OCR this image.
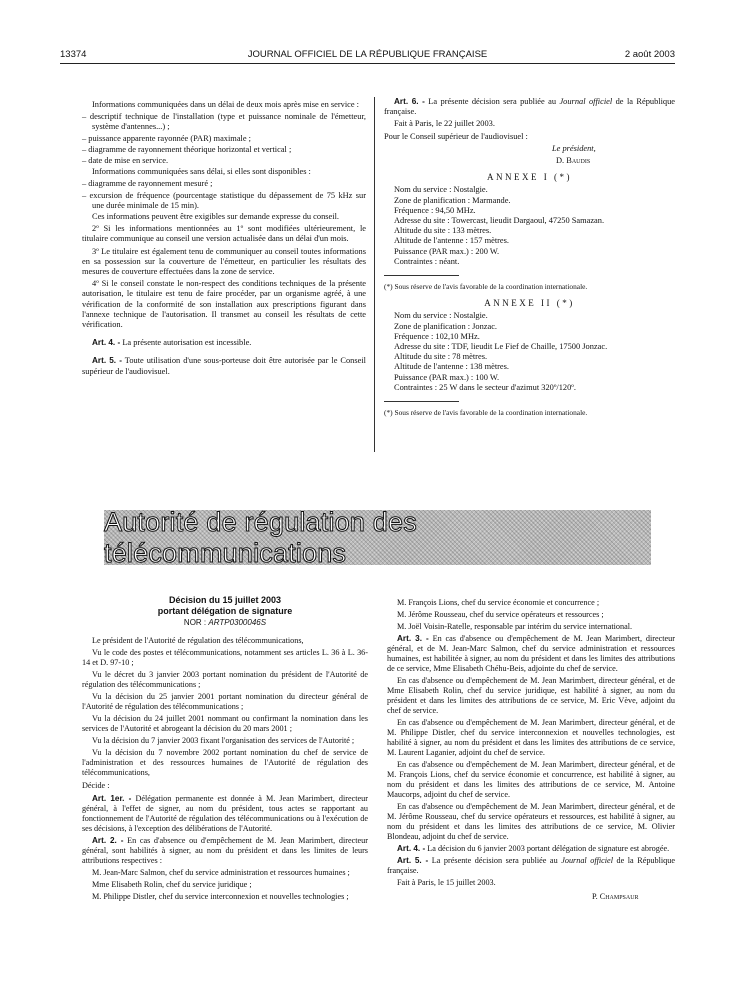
13374	JOURNAL OFFICIEL DE LA RÉPUBLIQUE FRANÇAISE	2 août 2003

Informations communiquées dans un délai de deux mois après mise en service :

– descriptif technique de l'installation (type et puissance nominale de l'émetteur, système d'antennes...) ;

– puissance apparente rayonnée (PAR) maximale ;

– diagramme de rayonnement théorique horizontal et vertical ;

– date de mise en service.

Informations communiquées sans délai, si elles sont disponibles :

– diagramme de rayonnement mesuré ;

– excursion de fréquence (pourcentage statistique du dépassement de 75 kHz sur une durée minimale de 15 min).

Ces informations peuvent être exigibles sur demande expresse du conseil.

2º Si les informations mentionnées au 1º sont modifiées ultérieurement, le titulaire communique au conseil une version actualisée dans un délai d'un mois.

3º Le titulaire est également tenu de communiquer au conseil toutes informations en sa possession sur la couverture de l'émetteur, en particulier les résultats des mesures de couverture effectuées dans la zone de service.

4º Si le conseil constate le non-respect des conditions techniques de la présente autorisation, le titulaire est tenu de faire procéder, par un organisme agréé, à une vérification de la conformité de son installation aux prescriptions figurant dans l'annexe technique de l'autorisation. Il transmet au conseil les résultats de cette vérification.

Art. 4. - La présente autorisation est incessible.

Art. 5. - Toute utilisation d'une sous-porteuse doit être autorisée par le Conseil supérieur de l'audiovisuel.

Art. 6. - La présente décision sera publiée au Journal officiel de la République française.

Fait à Paris, le 22 juillet 2003.

Pour le Conseil supérieur de l'audiovisuel :

Le président,

D. Baudis

ANNEXE I (*)

Nom du service : Nostalgie.

Zone de planification : Marmande.

Fréquence : 94,50 MHz.

Adresse du site : Towercast, lieudit Dargaoul, 47250 Samazan.

Altitude du site : 133 mètres.

Altitude de l'antenne : 157 mètres.

Puissance (PAR max.) : 200 W.

Contraintes : néant.

(*) Sous réserve de l'avis favorable de la coordination internationale.

ANNEXE II (*)

Nom du service : Nostalgie.

Zone de planification : Jonzac.

Fréquence : 102,10 MHz.

Adresse du site : TDF, lieudit Le Fief de Chaille, 17500 Jonzac.

Altitude du site : 78 mètres.

Altitude de l'antenne : 138 mètres.

Puissance (PAR max.) : 100 W.

Contraintes : 25 W dans le secteur d'azimut 320º/120º.

(*) Sous réserve de l'avis favorable de la coordination internationale.

Autorité de régulation des télécommunications
Décision du 15 juillet 2003
portant délégation de signature
NOR : ARTP0300046S

Le président de l'Autorité de régulation des télécommunications,

Vu le code des postes et télécommunications, notamment ses articles L. 36 à L. 36-14 et D. 97-10 ;

Vu le décret du 3 janvier 2003 portant nomination du président de l'Autorité de régulation des télécommunications ;

Vu la décision du 25 janvier 2001 portant nomination du directeur général de l'Autorité de régulation des télécommunications ;

Vu la décision du 24 juillet 2001 nommant ou confirmant la nomination dans les services de l'Autorité et abrogeant la décision du 20 mars 2001 ;

Vu la décision du 7 janvier 2003 fixant l'organisation des services de l'Autorité ;

Vu la décision du 7 novembre 2002 portant nomination du chef de service de l'administration et des ressources humaines de l'Autorité de régulation des télécommunications,

Décide :

Art. 1er. - Délégation permanente est donnée à M. Jean Marimbert, directeur général, à l'effet de signer, au nom du président, tous actes se rapportant au fonctionnement de l'Autorité de régulation des télécommunications ou à l'exécution de ses décisions, à l'exception des délibérations de l'Autorité.

Art. 2. - En cas d'absence ou d'empêchement de M. Jean Marimbert, directeur général, sont habilités à signer, au nom du président et dans les limites de leurs attributions respectives :

M. Jean-Marc Salmon, chef du service administration et ressources humaines ;

Mme Elisabeth Rolin, chef du service juridique ;

M. Philippe Distler, chef du service interconnexion et nouvelles technologies ;

M. François Lions, chef du service économie et concurrence ;

M. Jérôme Rousseau, chef du service opérateurs et ressources ;

M. Joël Voisin-Ratelle, responsable par intérim du service international.

Art. 3. - En cas d'absence ou d'empêchement de M. Jean Marimbert, directeur général, et de M. Jean-Marc Salmon, chef du service administration et ressources humaines, est habilitée à signer, au nom du président et dans les limites des attributions de ce service, Mme Elisabeth Chéhu-Beis, adjointe du chef de service.

En cas d'absence ou d'empêchement de M. Jean Marimbert, directeur général, et de Mme Elisabeth Rolin, chef du service juridique, est habilité à signer, au nom du président et dans les limites des attributions de ce service, M. Eric Vève, adjoint du chef de service.

En cas d'absence ou d'empêchement de M. Jean Marimbert, directeur général, et de M. Philippe Distler, chef du service interconnexion et nouvelles technologies, est habilité à signer, au nom du président et dans les limites des attributions de ce service, M. Laurent Laganier, adjoint du chef de service.

En cas d'absence ou d'empêchement de M. Jean Marimbert, directeur général, et de M. François Lions, chef du service économie et concurrence, est habilité à signer, au nom du président et dans les limites des attributions de ce service, M. Antoine Maucorps, adjoint du chef de service.

En cas d'absence ou d'empêchement de M. Jean Marimbert, directeur général, et de M. Jérôme Rousseau, chef du service opérateurs et ressources, est habilité à signer, au nom du président et dans les limites des attributions de ce service, M. Olivier Blondeau, adjoint du chef de service.

Art. 4. - La décision du 6 janvier 2003 portant délégation de signature est abrogée.

Art. 5. - La présente décision sera publiée au Journal officiel de la République française.

Fait à Paris, le 15 juillet 2003.

P. Champsaur
